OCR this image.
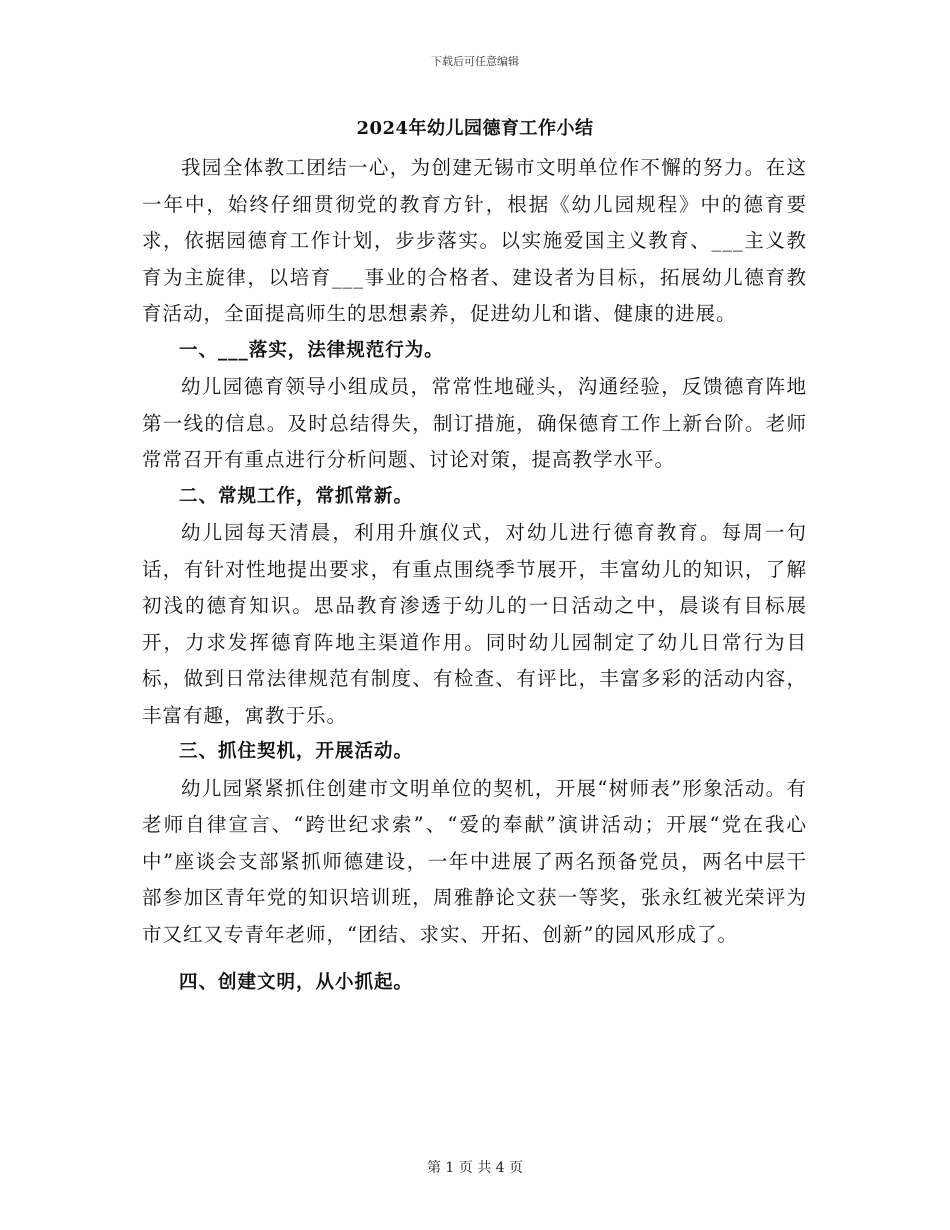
下载后可任意编辑
2024年幼儿园德育工作小结

我园全体教工团结一心，为创建无锡市文明单位作不懈的努力。在这一年中，始终仔细贯彻党的教育方针，根据《幼儿园规程》中的德育要求，依据园德育工作计划，步步落实。以实施爱国主义教育、___主义教育为主旋律，以培育___事业的合格者、建设者为目标，拓展幼儿德育教育活动，全面提高师生的思想素养，促进幼儿和谐、健康的进展。

一、___落实，法律规范行为。

幼儿园德育领导小组成员，常常性地碰头，沟通经验，反馈德育阵地第一线的信息。及时总结得失，制订措施，确保德育工作上新台阶。老师常常召开有重点进行分析问题、讨论对策，提高教学水平。

二、常规工作，常抓常新。

幼儿园每天清晨，利用升旗仪式，对幼儿进行德育教育。每周一句话，有针对性地提出要求，有重点围绕季节展开，丰富幼儿的知识，了解初浅的德育知识。思品教育渗透于幼儿的一日活动之中，晨谈有目标展开，力求发挥德育阵地主渠道作用。同时幼儿园制定了幼儿日常行为目标，做到日常法律规范有制度、有检查、有评比，丰富多彩的活动内容，丰富有趣，寓教于乐。

三、抓住契机，开展活动。

幼儿园紧紧抓住创建市文明单位的契机，开展“树师表”形象活动。有老师自律宣言、“跨世纪求索”、“爱的奉献”演讲活动；开展“党在我心中”座谈会支部紧抓师德建设，一年中进展了两名预备党员，两名中层干部参加区青年党的知识培训班，周雅静论文获一等奖，张永红被光荣评为市又红又专青年老师，“团结、求实、开拓、创新”的园风形成了。

四、创建文明，从小抓起。

第 1 页 共 4 页
